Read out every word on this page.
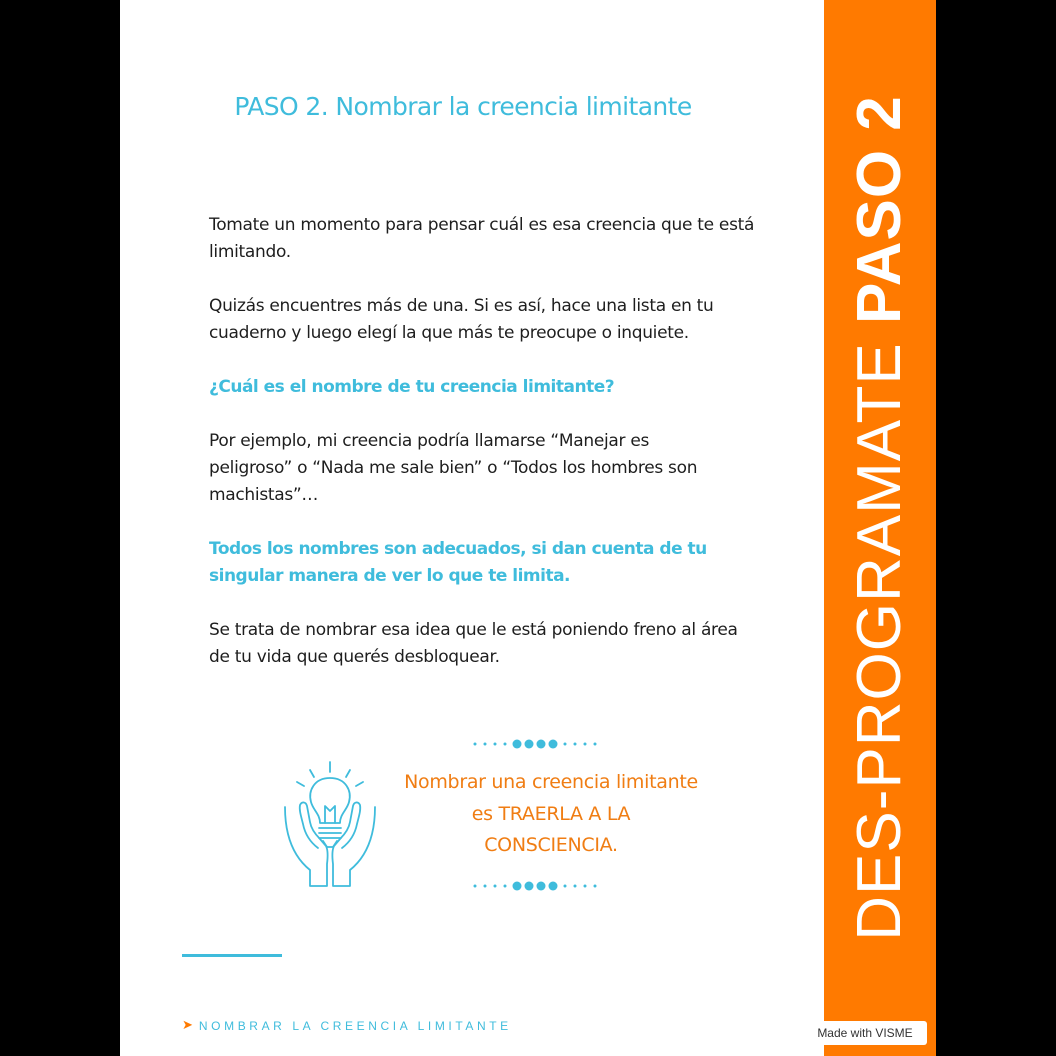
PASO 2. Nombrar la creencia limitante

Tomate un momento para pensar cuál es esa creencia que te está limitando.

Quizás encuentres más de una. Si es así, hace una lista en tu cuaderno y luego elegí la que más te preocupe o inquiete.

¿Cuál es el nombre de tu creencia limitante?

Por ejemplo, mi creencia podría llamarse “Manejar es peligroso” o “Nada me sale bien” o “Todos los hombres son machistas”…

Todos los nombres son adecuados, si dan cuenta de tu singular manera de ver lo que te limita.

Se trata de nombrar esa idea que le está poniendo freno al área de tu vida que querés desbloquear.

Nombrar una creencia limitante
es TRAERLA A LA
CONSCIENCIA.
➤ NOMBRAR LA CREENCIA LIMITANTE
DES-PROGRAMATE PASO 2
Made with VISME
